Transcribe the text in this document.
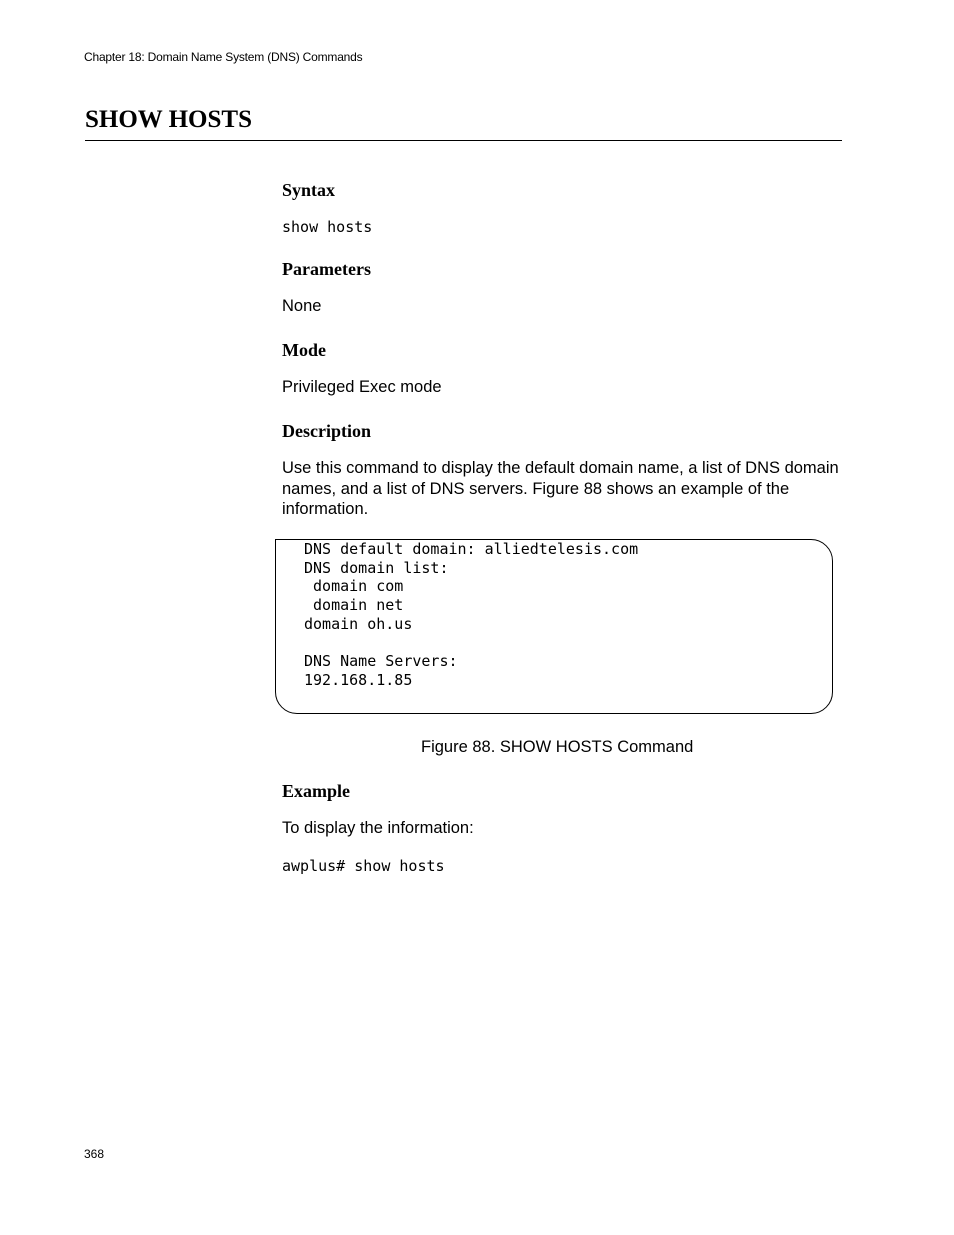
Chapter 18: Domain Name System (DNS) Commands
SHOW HOSTS
Syntax
show hosts
Parameters
None
Mode
Privileged Exec mode
Description
Use this command to display the default domain name, a list of DNS domain names, and a list of DNS servers. Figure 88 shows an example of the information.
DNS default domain: alliedtelesis.com
DNS domain list:
domain com
domain net
domain oh.us
DNS Name Servers:
192.168.1.85
Figure 88. SHOW HOSTS Command
Example
To display the information:
awplus# show hosts
368
